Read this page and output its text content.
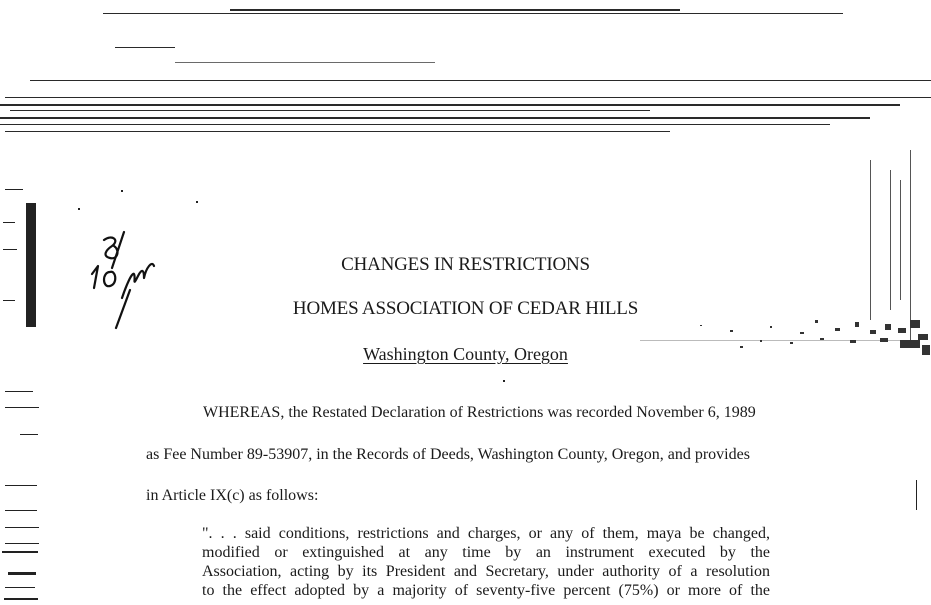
CHANGES IN RESTRICTIONS
HOMES ASSOCIATION OF CEDAR HILLS
Washington County, Oregon
WHEREAS, the Restated Declaration of Restrictions was recorded November 6, 1989
as Fee Number 89-53907, in the Records of Deeds, Washington County, Oregon, and provides
in Article IX(c) as follows:
". . . said conditions, restrictions and charges, or any of them, maya be changed,
modified or extinguished at any time by an instrument executed by the
Association, acting by its President and Secretary, under authority of a resolution
to the effect adopted by a majority of seventy-five percent (75%) or more of the
